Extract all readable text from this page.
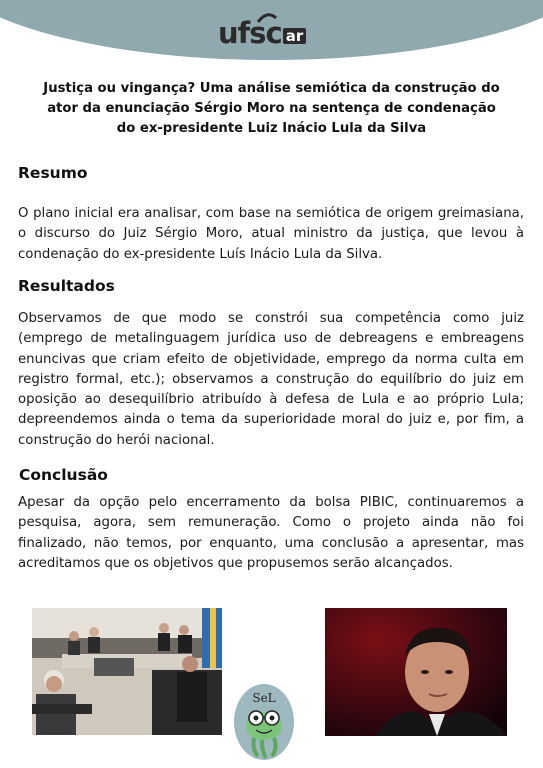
uf sc ar
Justiça ou vingança? Uma análise semiótica da construção do
ator da enunciação Sérgio Moro na sentença de condenação
do ex-presidente Luiz Inácio Lula da Silva
Resumo

O plano inicial era analisar, com base na semiótica de origem greimasiana, o discurso do Juiz Sérgio Moro, atual ministro da justiça, que levou à condenação do ex-presidente Luís Inácio Lula da Silva.

Resultados

Observamos de que modo se constrói sua competência como juiz (emprego de metalinguagem jurídica uso de debreagens e embreagens enuncivas que criam efeito de objetividade, emprego da norma culta em registro formal, etc.); observamos a construção do equilíbrio do juiz em oposição ao desequilíbrio atribuído à defesa de Lula e ao próprio Lula; depreendemos ainda o tema da superioridade moral do juiz e, por fim, a construção do herói nacional.

Conclusão

Apesar da opção pelo encerramento da bolsa PIBIC, continuaremos a pesquisa, agora, sem remuneração. Como o projeto ainda não foi finalizado, não temos, por enquanto, uma conclusão a apresentar, mas acreditamos que os objetivos que propusemos serão alcançados.

SeL
